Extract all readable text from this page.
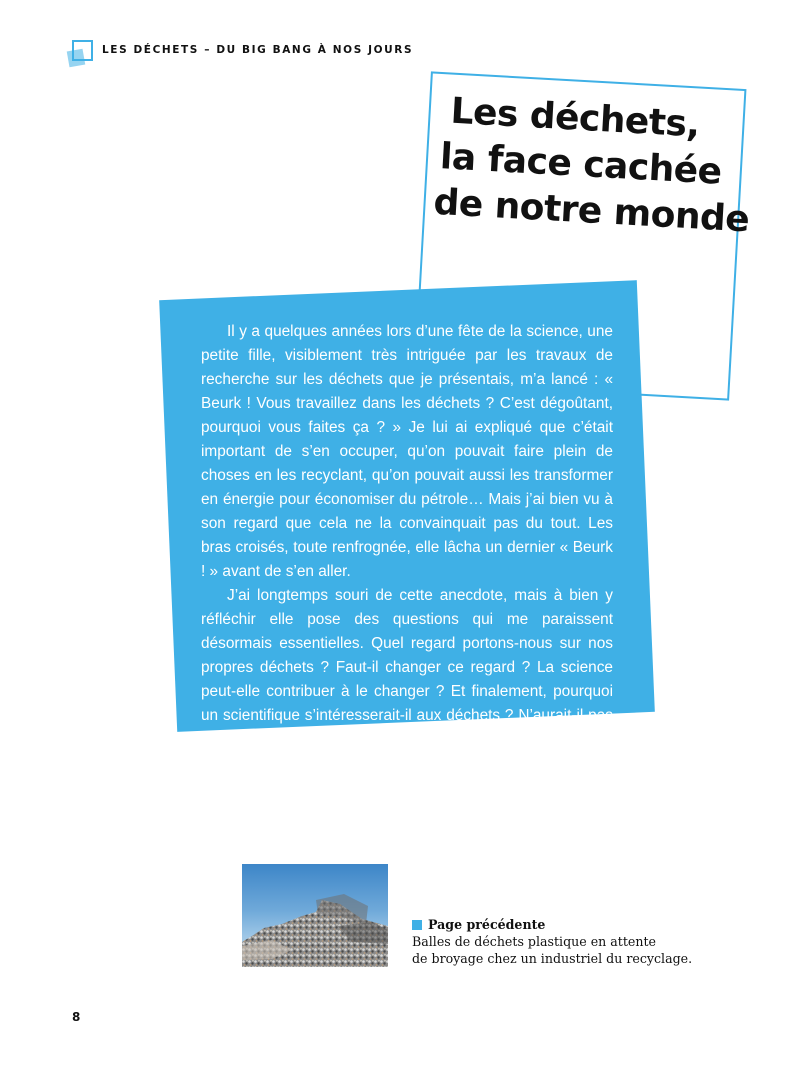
LES DÉCHETS – DU BIG BANG À NOS JOURS
Les déchets,
la face cachée
de notre monde

Il y a quelques années lors d’une fête de la science, une petite fille, visiblement très intriguée par les travaux de recherche sur les déchets que je présentais, m’a lancé : « Beurk ! Vous travaillez dans les déchets ? C’est dégoûtant, pourquoi vous faites ça ? » Je lui ai expliqué que c’était important de s’en occuper, qu’on pouvait faire plein de choses en les recyclant, qu’on pouvait aussi les transformer en énergie pour économiser du pétrole… Mais j’ai bien vu à son regard que cela ne la convainquait pas du tout. Les bras croisés, toute renfrognée, elle lâcha un dernier « Beurk ! » avant de s’en aller.

J’ai longtemps souri de cette anecdote, mais à bien y réfléchir elle pose des questions qui me paraissent désormais essentielles. Quel regard portons-nous sur nos propres déchets ? Faut-il changer ce regard ? La science peut-elle contribuer à le changer ? Et finalement, pourquoi un scientifique s’intéresserait-il aux déchets ? N’aurait-il pas des sujets de recherche plus sérieux à traiter ?

Page précédente
Balles de déchets plastique en attente
de broyage chez un industriel du recyclage.
8
